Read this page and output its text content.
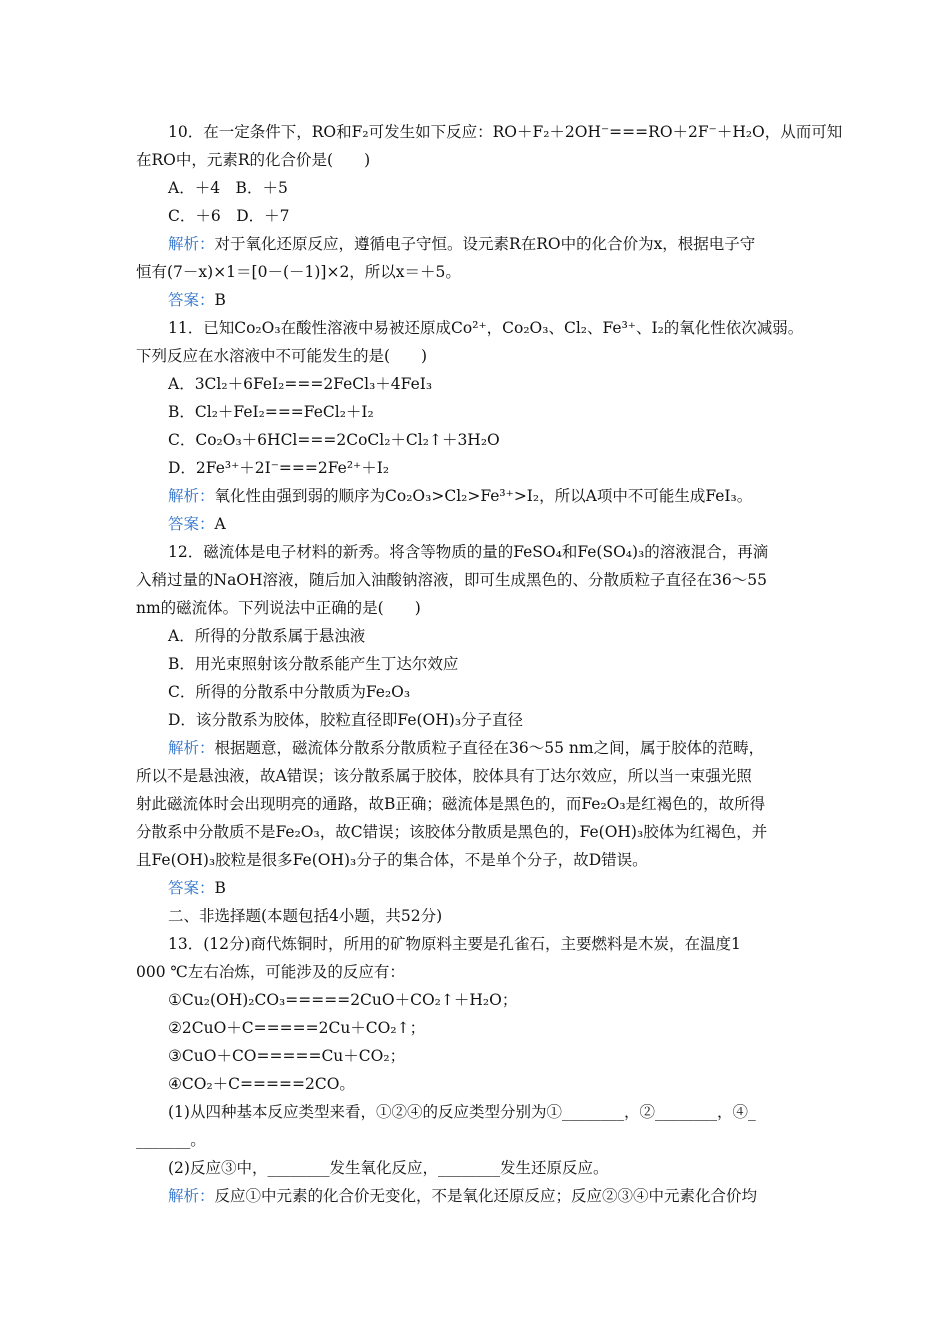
10．在一定条件下，RO和F₂可发生如下反应：RO＋F₂＋2OH⁻===RO＋2F⁻＋H₂O，从而可知
在RO中，元素R的化合价是(　　)
A．＋4　B．＋5
C．＋6　D．＋7
解析：对于氧化还原反应，遵循电子守恒。设元素R在RO中的化合价为x，根据电子守
恒有(7－x)×1＝[0－(－1)]×2，所以x＝＋5。
答案：B
11．已知Co₂O₃在酸性溶液中易被还原成Co²⁺，Co₂O₃、Cl₂、Fe³⁺、I₂的氧化性依次减弱。
下列反应在水溶液中不可能发生的是(　　)
A．3Cl₂＋6FeI₂===2FeCl₃＋4FeI₃
B．Cl₂＋FeI₂===FeCl₂＋I₂
C．Co₂O₃＋6HCl===2CoCl₂＋Cl₂↑＋3H₂O
D．2Fe³⁺＋2I⁻===2Fe²⁺＋I₂
解析：氧化性由强到弱的顺序为Co₂O₃>Cl₂>Fe³⁺>I₂，所以A项中不可能生成FeI₃。
答案：A
12．磁流体是电子材料的新秀。将含等物质的量的FeSO₄和Fe(SO₄)₃的溶液混合，再滴
入稍过量的NaOH溶液，随后加入油酸钠溶液，即可生成黑色的、分散质粒子直径在36～55
nm的磁流体。下列说法中正确的是(　　)
A．所得的分散系属于悬浊液
B．用光束照射该分散系能产生丁达尔效应
C．所得的分散系中分散质为Fe₂O₃
D．该分散系为胶体，胶粒直径即Fe(OH)₃分子直径
解析：根据题意，磁流体分散系分散质粒子直径在36～55 nm之间，属于胶体的范畴，
所以不是悬浊液，故A错误；该分散系属于胶体，胶体具有丁达尔效应，所以当一束强光照
射此磁流体时会出现明亮的通路，故B正确；磁流体是黑色的，而Fe₂O₃是红褐色的，故所得
分散系中分散质不是Fe₂O₃，故C错误；该胶体分散质是黑色的，Fe(OH)₃胶体为红褐色，并
且Fe(OH)₃胶粒是很多Fe(OH)₃分子的集合体，不是单个分子，故D错误。
答案：B
二、非选择题(本题包括4小题，共52分)
13．(12分)商代炼铜时，所用的矿物原料主要是孔雀石，主要燃料是木炭，在温度1
000 ℃左右冶炼，可能涉及的反应有：
①Cu₂(OH)₂CO₃=====2CuO＋CO₂↑＋H₂O；
②2CuO＋C=====2Cu＋CO₂↑；
③CuO＋CO=====Cu＋CO₂；
④CO₂＋C=====2CO。
(1)从四种基本反应类型来看，①②④的反应类型分别为①________，②________，④_
_______。
(2)反应③中，________发生氧化反应，________发生还原反应。
解析：反应①中元素的化合价无变化，不是氧化还原反应；反应②③④中元素化合价均
